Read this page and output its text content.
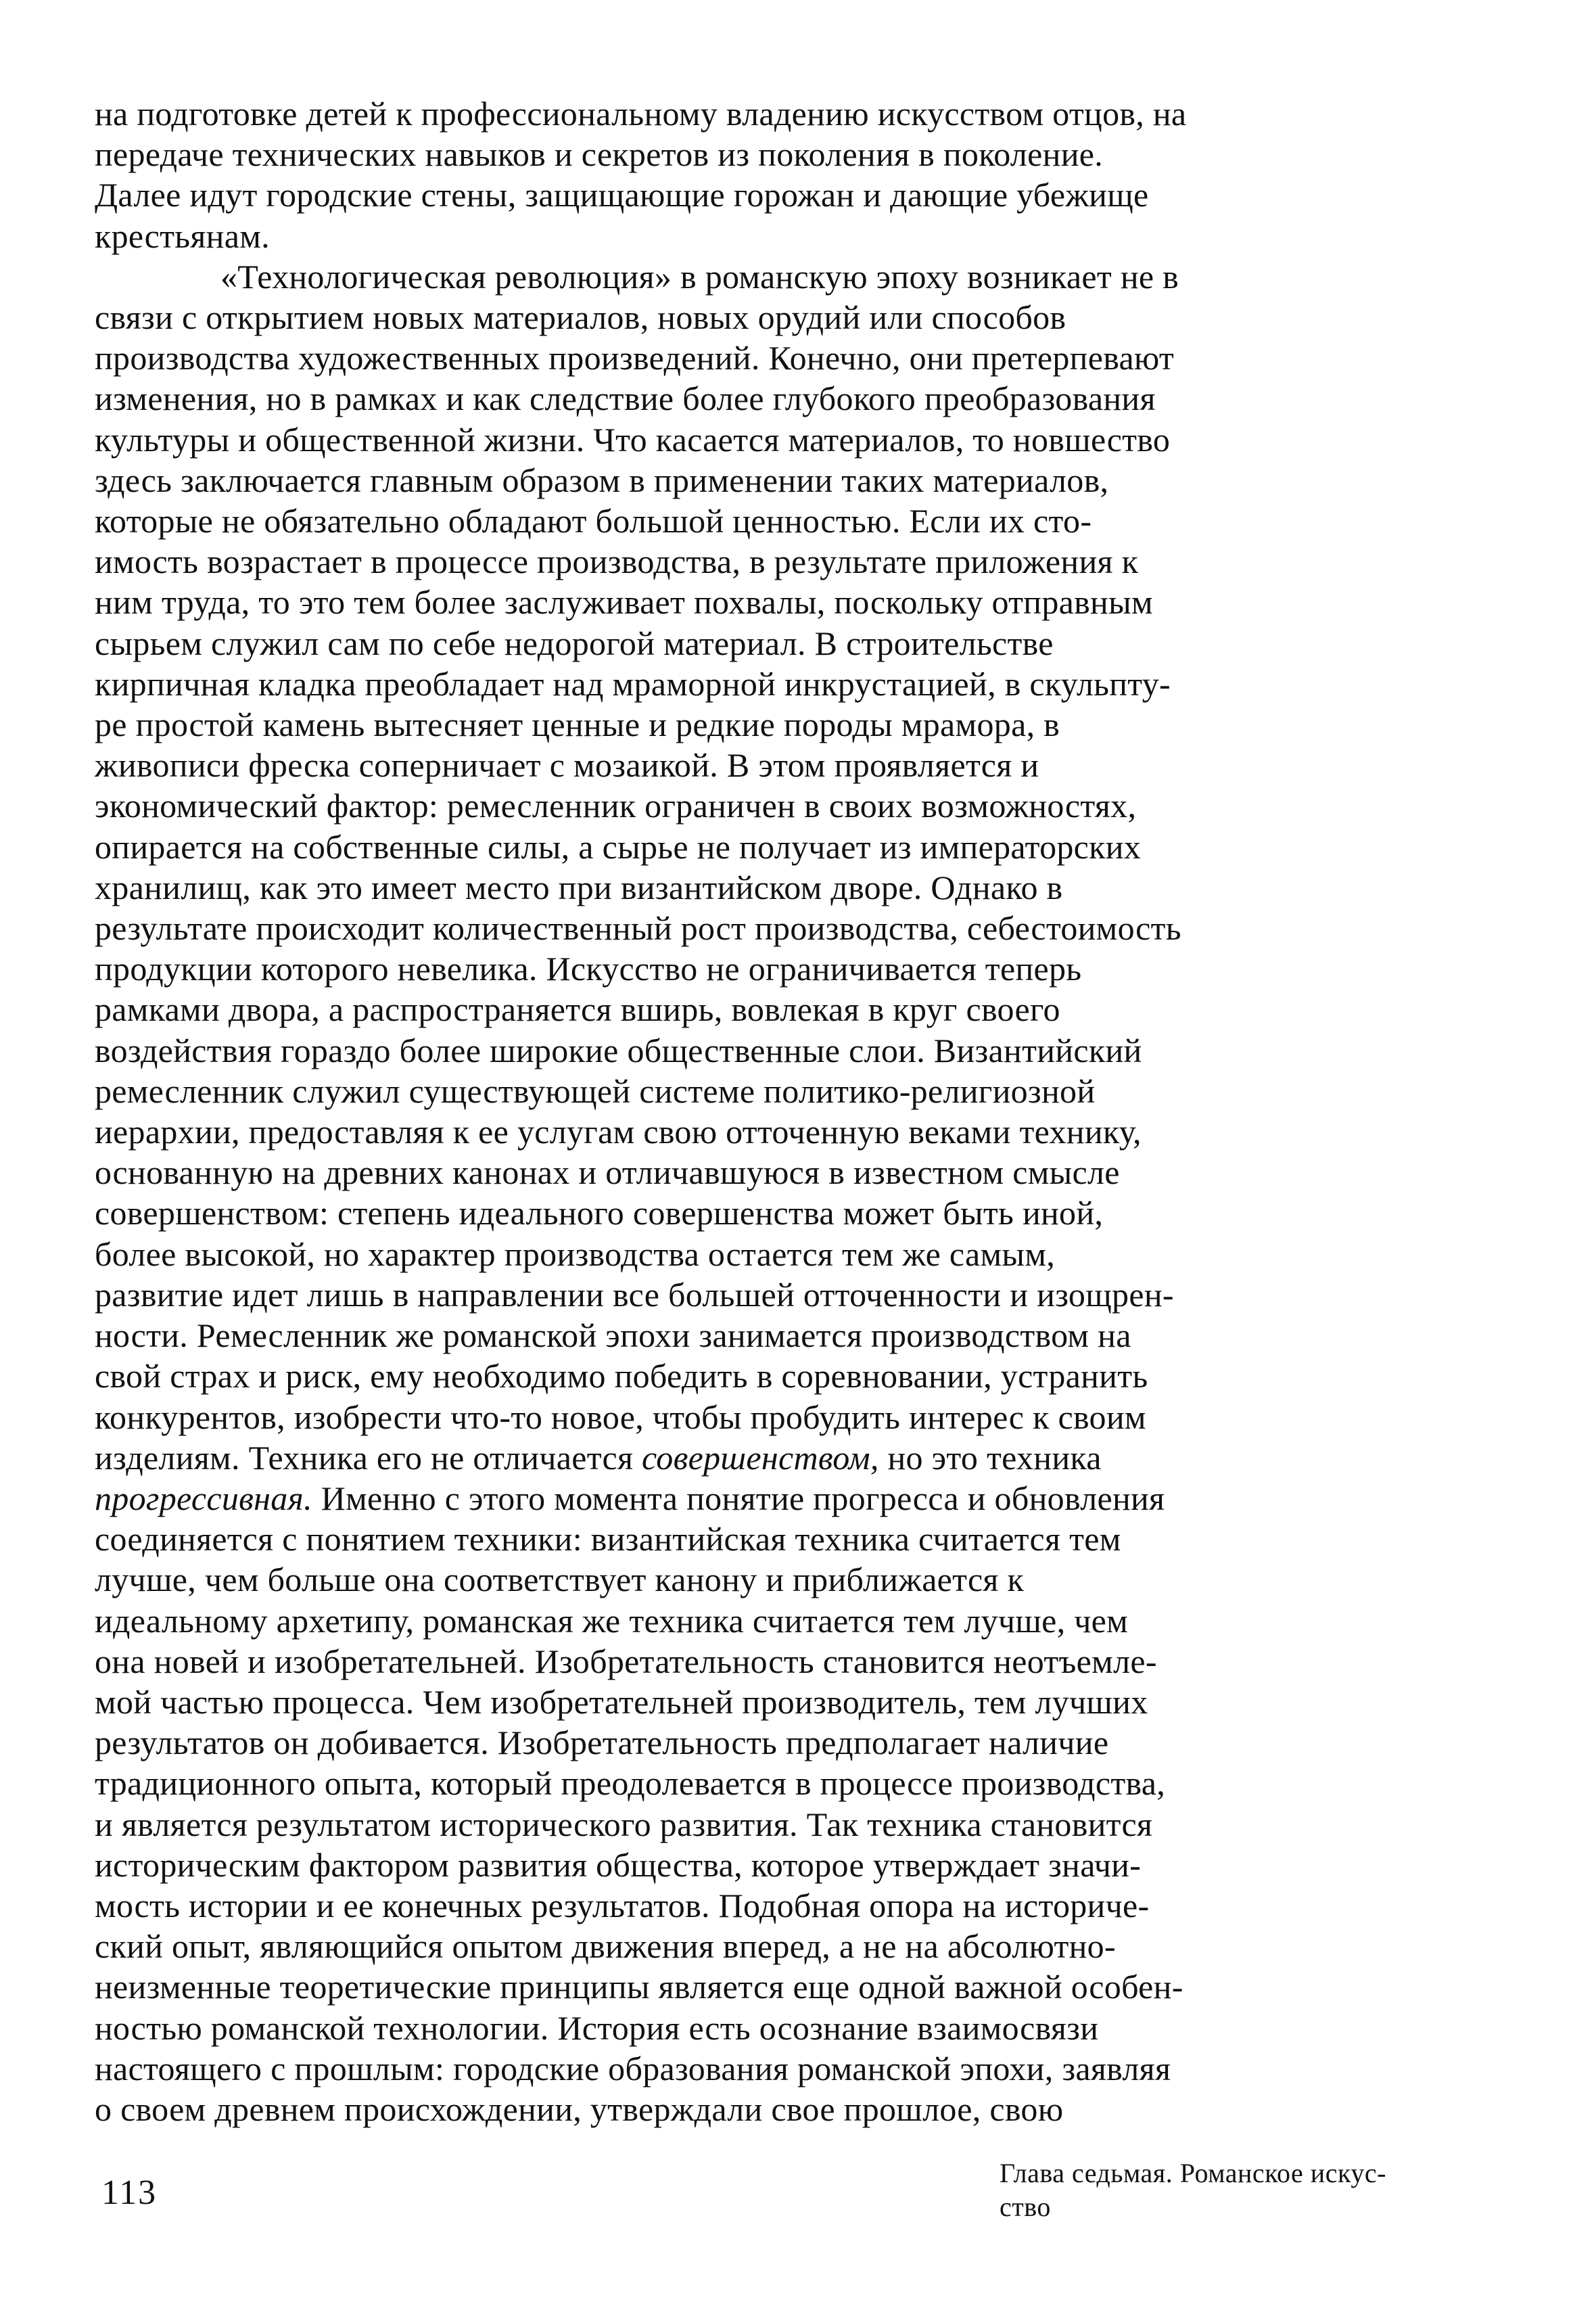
на подготовке детей к профессиональному владению искусством отцов, на
передаче технических навыков и секретов из поколения в поколение.
Далее идут городские стены, защищающие горожан и дающие убежище
крестьянам.
«Технологическая революция» в романскую эпоху возникает не в
связи с открытием новых материалов, новых орудий или способов
производства художественных произведений. Конечно, они претерпевают
изменения, но в рамках и как следствие более глубокого преобразования
культуры и общественной жизни. Что касается материалов, то новшество
здесь заключается главным образом в применении таких материалов,
которые не обязательно обладают большой ценностью. Если их сто-
имость возрастает в процессе производства, в результате приложения к
ним труда, то это тем более заслуживает похвалы, поскольку отправным
сырьем служил сам по себе недорогой материал. В строительстве
кирпичная кладка преобладает над мраморной инкрустацией, в скульпту-
ре простой камень вытесняет ценные и редкие породы мрамора, в
живописи фреска соперничает с мозаикой. В этом проявляется и
экономический фактор: ремесленник ограничен в своих возможностях,
опирается на собственные силы, а сырье не получает из императорских
хранилищ, как это имеет место при византийском дворе. Однако в
результате происходит количественный рост производства, себестоимость
продукции которого невелика. Искусство не ограничивается теперь
рамками двора, а распространяется вширь, вовлекая в круг своего
воздействия гораздо более широкие общественные слои. Византийский
ремесленник служил существующей системе политико-религиозной
иерархии, предоставляя к ее услугам свою отточенную веками технику,
основанную на древних канонах и отличавшуюся в известном смысле
совершенством: степень идеального совершенства может быть иной,
более высокой, но характер производства остается тем же самым,
развитие идет лишь в направлении все большей отточенности и изощрен-
ности. Ремесленник же романской эпохи занимается производством на
свой страх и риск, ему необходимо победить в соревновании, устранить
конкурентов, изобрести что-то новое, чтобы пробудить интерес к своим
изделиям. Техника его не отличается совершенством, но это техника
прогрессивная. Именно с этого момента понятие прогресса и обновления
соединяется с понятием техники: византийская техника считается тем
лучше, чем больше она соответствует канону и приближается к
идеальному архетипу, романская же техника считается тем лучше, чем
она новей и изобретательней. Изобретательность становится неотъемле-
мой частью процесса. Чем изобретательней производитель, тем лучших
результатов он добивается. Изобретательность предполагает наличие
традиционного опыта, который преодолевается в процессе производства,
и является результатом исторического развития. Так техника становится
историческим фактором развития общества, которое утверждает значи-
мость истории и ее конечных результатов. Подобная опора на историче-
ский опыт, являющийся опытом движения вперед, а не на абсолютно-
неизменные теоретические принципы является еще одной важной особен-
ностью романской технологии. История есть осознание взаимосвязи
настоящего с прошлым: городские образования романской эпохи, заявляя
о своем древнем происхождении, утверждали свое прошлое, свою
113
Глава седьмая. Романское искус-
ство
